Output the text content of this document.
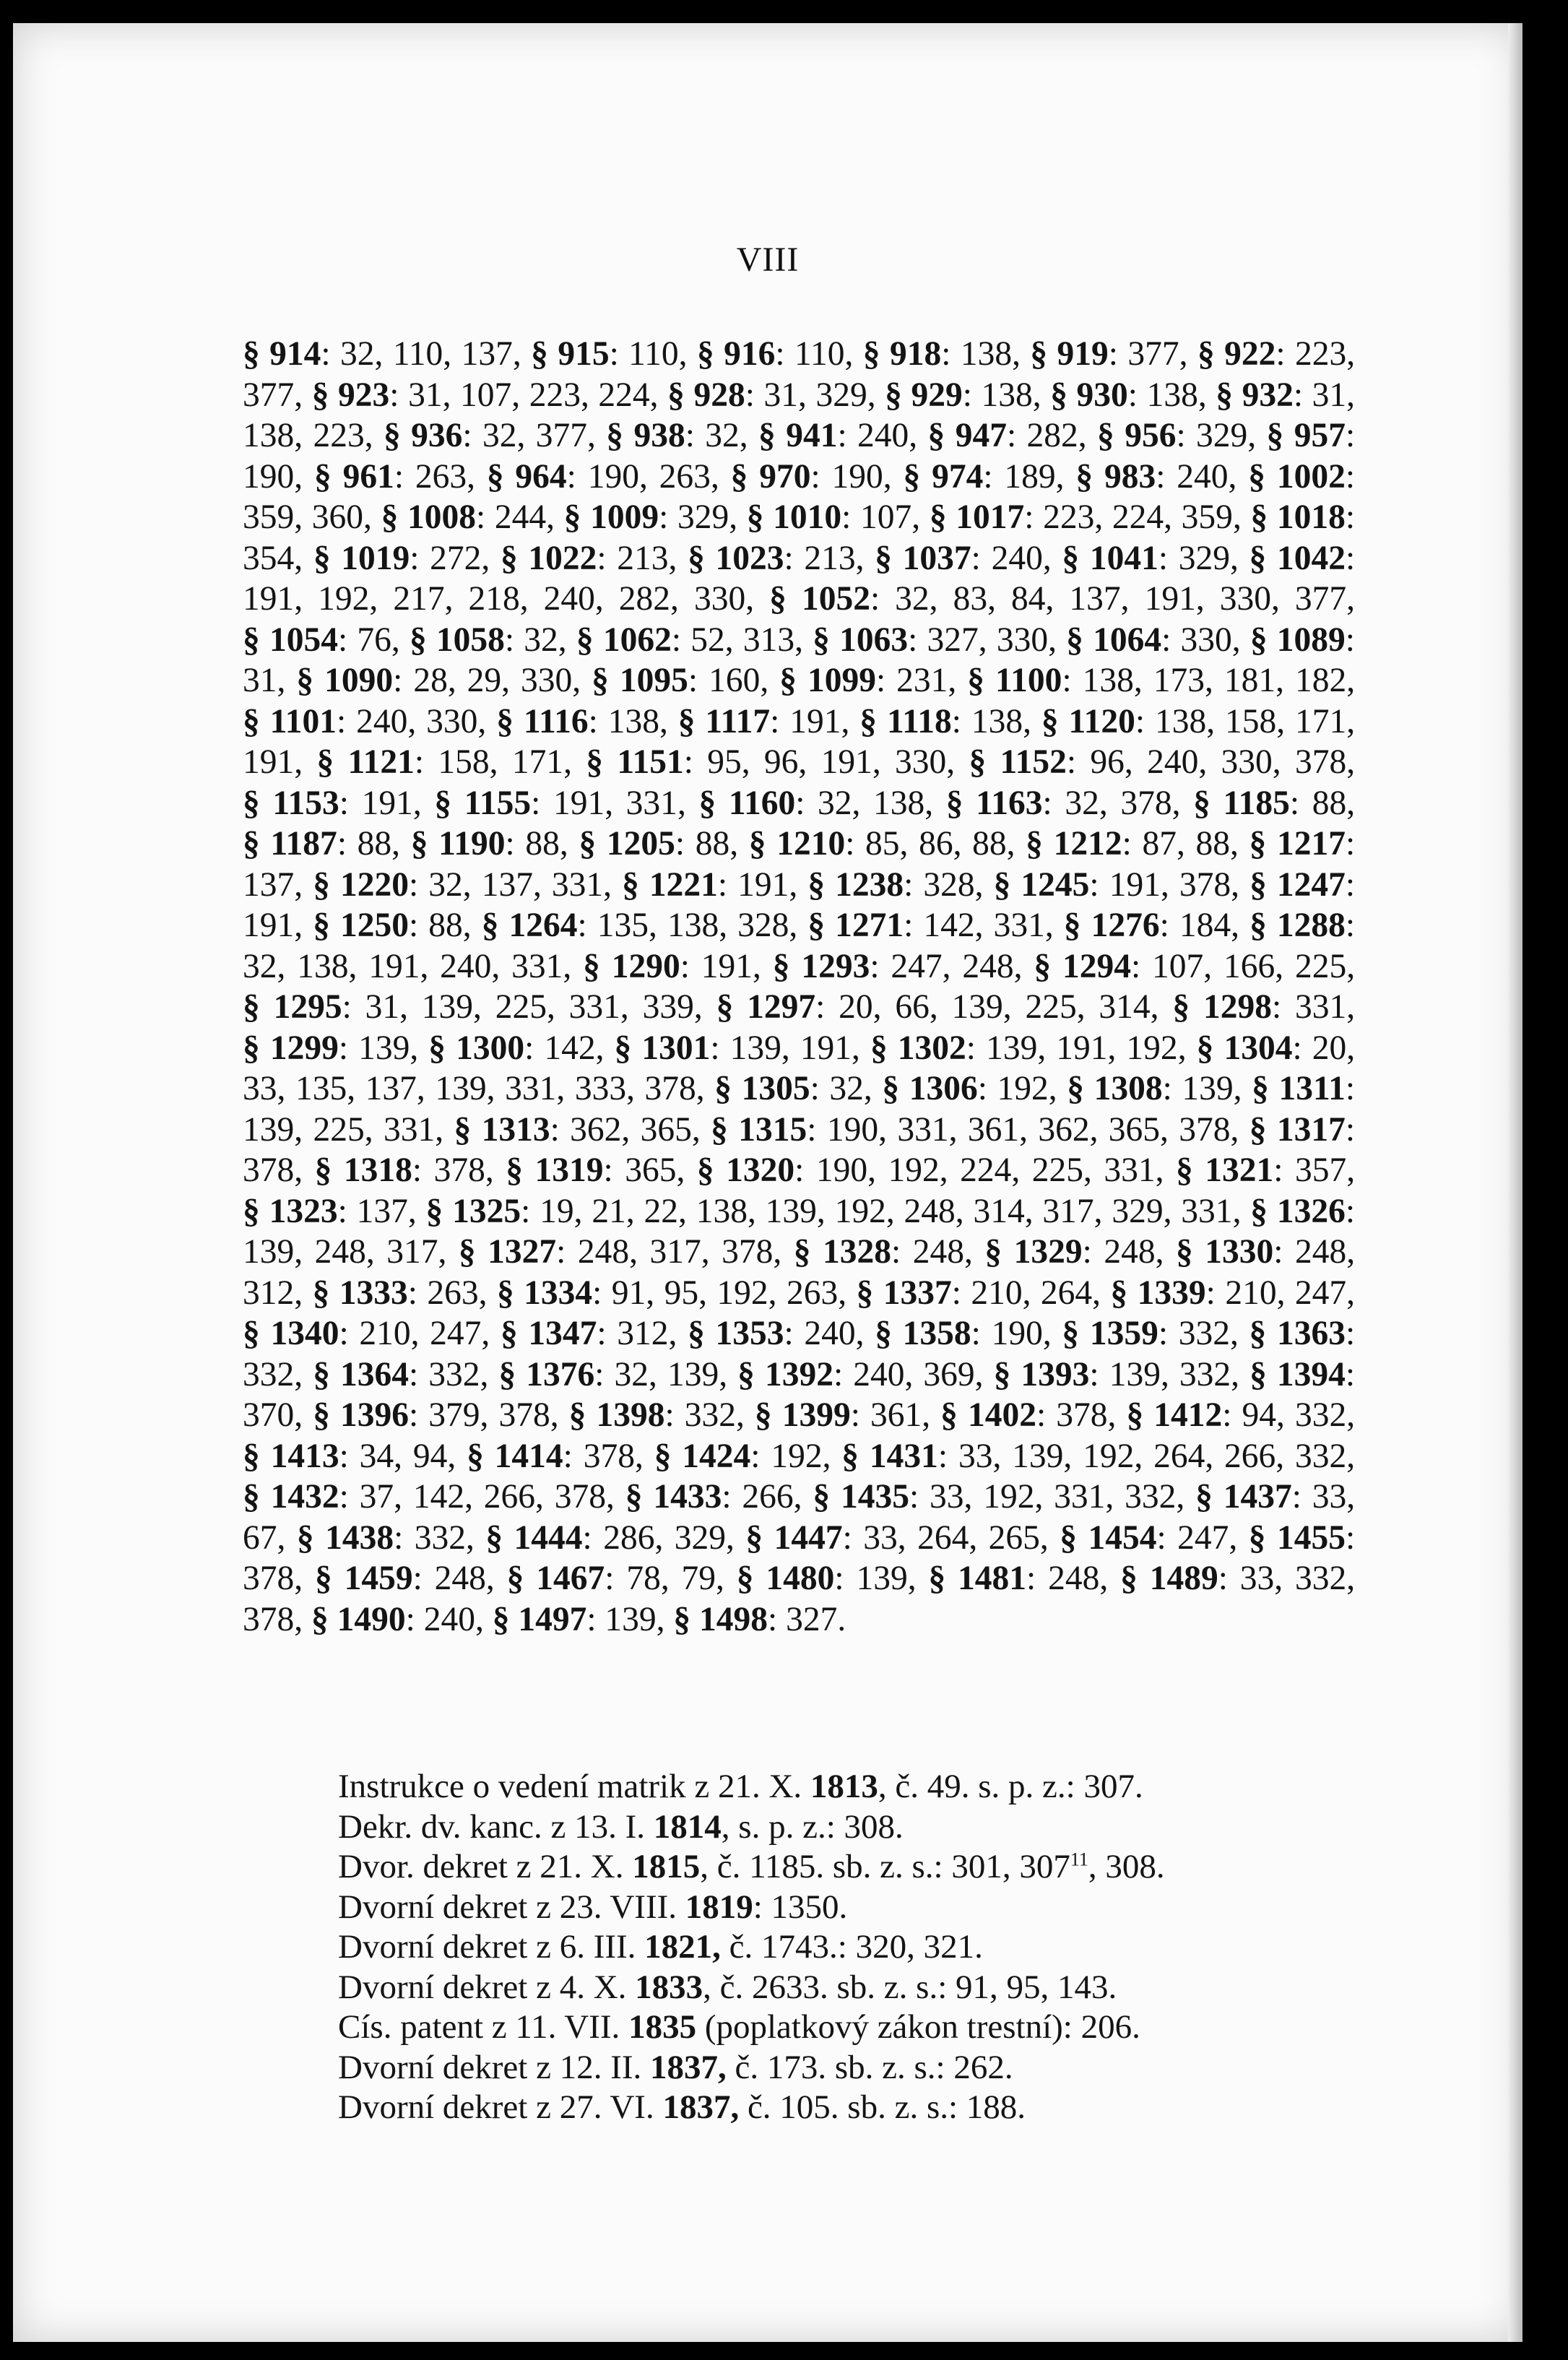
VIII
§ 914: 32, 110, 137, § 915: 110, § 916: 110, § 918: 138, § 919: 377, § 922: 223, 377, § 923: 31, 107, 223, 224, § 928: 31, 329, § 929: 138, § 930: 138, § 932: 31, 138, 223, § 936: 32, 377, § 938: 32, § 941: 240, § 947: 282, § 956: 329, § 957: 190, § 961: 263, § 964: 190, 263, § 970: 190, § 974: 189, § 983: 240, § 1002: 359, 360, § 1008: 244, § 1009: 329, § 1010: 107, § 1017: 223, 224, 359, § 1018: 354, § 1019: 272, § 1022: 213, § 1023: 213, § 1037: 240, § 1041: 329, § 1042: 191, 192, 217, 218, 240, 282, 330, § 1052: 32, 83, 84, 137, 191, 330, 377, § 1054: 76, § 1058: 32, § 1062: 52, 313, § 1063: 327, 330, § 1064: 330, § 1089: 31, § 1090: 28, 29, 330, § 1095: 160, § 1099: 231, § 1100: 138, 173, 181, 182, § 1101: 240, 330, § 1116: 138, § 1117: 191, § 1118: 138, § 1120: 138, 158, 171, 191, § 1121: 158, 171, § 1151: 95, 96, 191, 330, § 1152: 96, 240, 330, 378, § 1153: 191, § 1155: 191, 331, § 1160: 32, 138, § 1163: 32, 378, § 1185: 88, § 1187: 88, § 1190: 88, § 1205: 88, § 1210: 85, 86, 88, § 1212: 87, 88, § 1217: 137, § 1220: 32, 137, 331, § 1221: 191, § 1238: 328, § 1245: 191, 378, § 1247: 191, § 1250: 88, § 1264: 135, 138, 328, § 1271: 142, 331, § 1276: 184, § 1288: 32, 138, 191, 240, 331, § 1290: 191, § 1293: 247, 248, § 1294: 107, 166, 225, § 1295: 31, 139, 225, 331, 339, § 1297: 20, 66, 139, 225, 314, § 1298: 331, § 1299: 139, § 1300: 142, § 1301: 139, 191, § 1302: 139, 191, 192, § 1304: 20, 33, 135, 137, 139, 331, 333, 378, § 1305: 32, § 1306: 192, § 1308: 139, § 1311: 139, 225, 331, § 1313: 362, 365, § 1315: 190, 331, 361, 362, 365, 378, § 1317: 378, § 1318: 378, § 1319: 365, § 1320: 190, 192, 224, 225, 331, § 1321: 357, § 1323: 137, § 1325: 19, 21, 22, 138, 139, 192, 248, 314, 317, 329, 331, § 1326: 139, 248, 317, § 1327: 248, 317, 378, § 1328: 248, § 1329: 248, § 1330: 248, 312, § 1333: 263, § 1334: 91, 95, 192, 263, § 1337: 210, 264, § 1339: 210, 247, § 1340: 210, 247, § 1347: 312, § 1353: 240, § 1358: 190, § 1359: 332, § 1363: 332, § 1364: 332, § 1376: 32, 139, § 1392: 240, 369, § 1393: 139, 332, § 1394: 370, § 1396: 379, 378, § 1398: 332, § 1399: 361, § 1402: 378, § 1412: 94, 332, § 1413: 34, 94, § 1414: 378, § 1424: 192, § 1431: 33, 139, 192, 264, 266, 332, § 1432: 37, 142, 266, 378, § 1433: 266, § 1435: 33, 192, 331, 332, § 1437: 33, 67, § 1438: 332, § 1444: 286, 329, § 1447: 33, 264, 265, § 1454: 247, § 1455: 378, § 1459: 248, § 1467: 78, 79, § 1480: 139, § 1481: 248, § 1489: 33, 332, 378, § 1490: 240, § 1497: 139, § 1498: 327.
Instrukce o vedení matrik z 21. X. 1813, č. 49. s. p. z.: 307.
Dekr. dv. kanc. z 13. I. 1814, s. p. z.: 308.
Dvor. dekret z 21. X. 1815, č. 1185. sb. z. s.: 301, $307^{11}$, 308.
Dvorní dekret z 23. VIII. 1819: 1350.
Dvorní dekret z 6. III. 1821, č. 1743.: 320, 321.
Dvorní dekret z 4. X. 1833, č. 2633. sb. z. s.: 91, 95, 143.
Cís. patent z 11. VII. 1835 (poplatkový zákon trestní): 206.
Dvorní dekret z 12. II. 1837, č. 173. sb. z. s.: 262.
Dvorní dekret z 27. VI. 1837, č. 105. sb. z. s.: 188.
